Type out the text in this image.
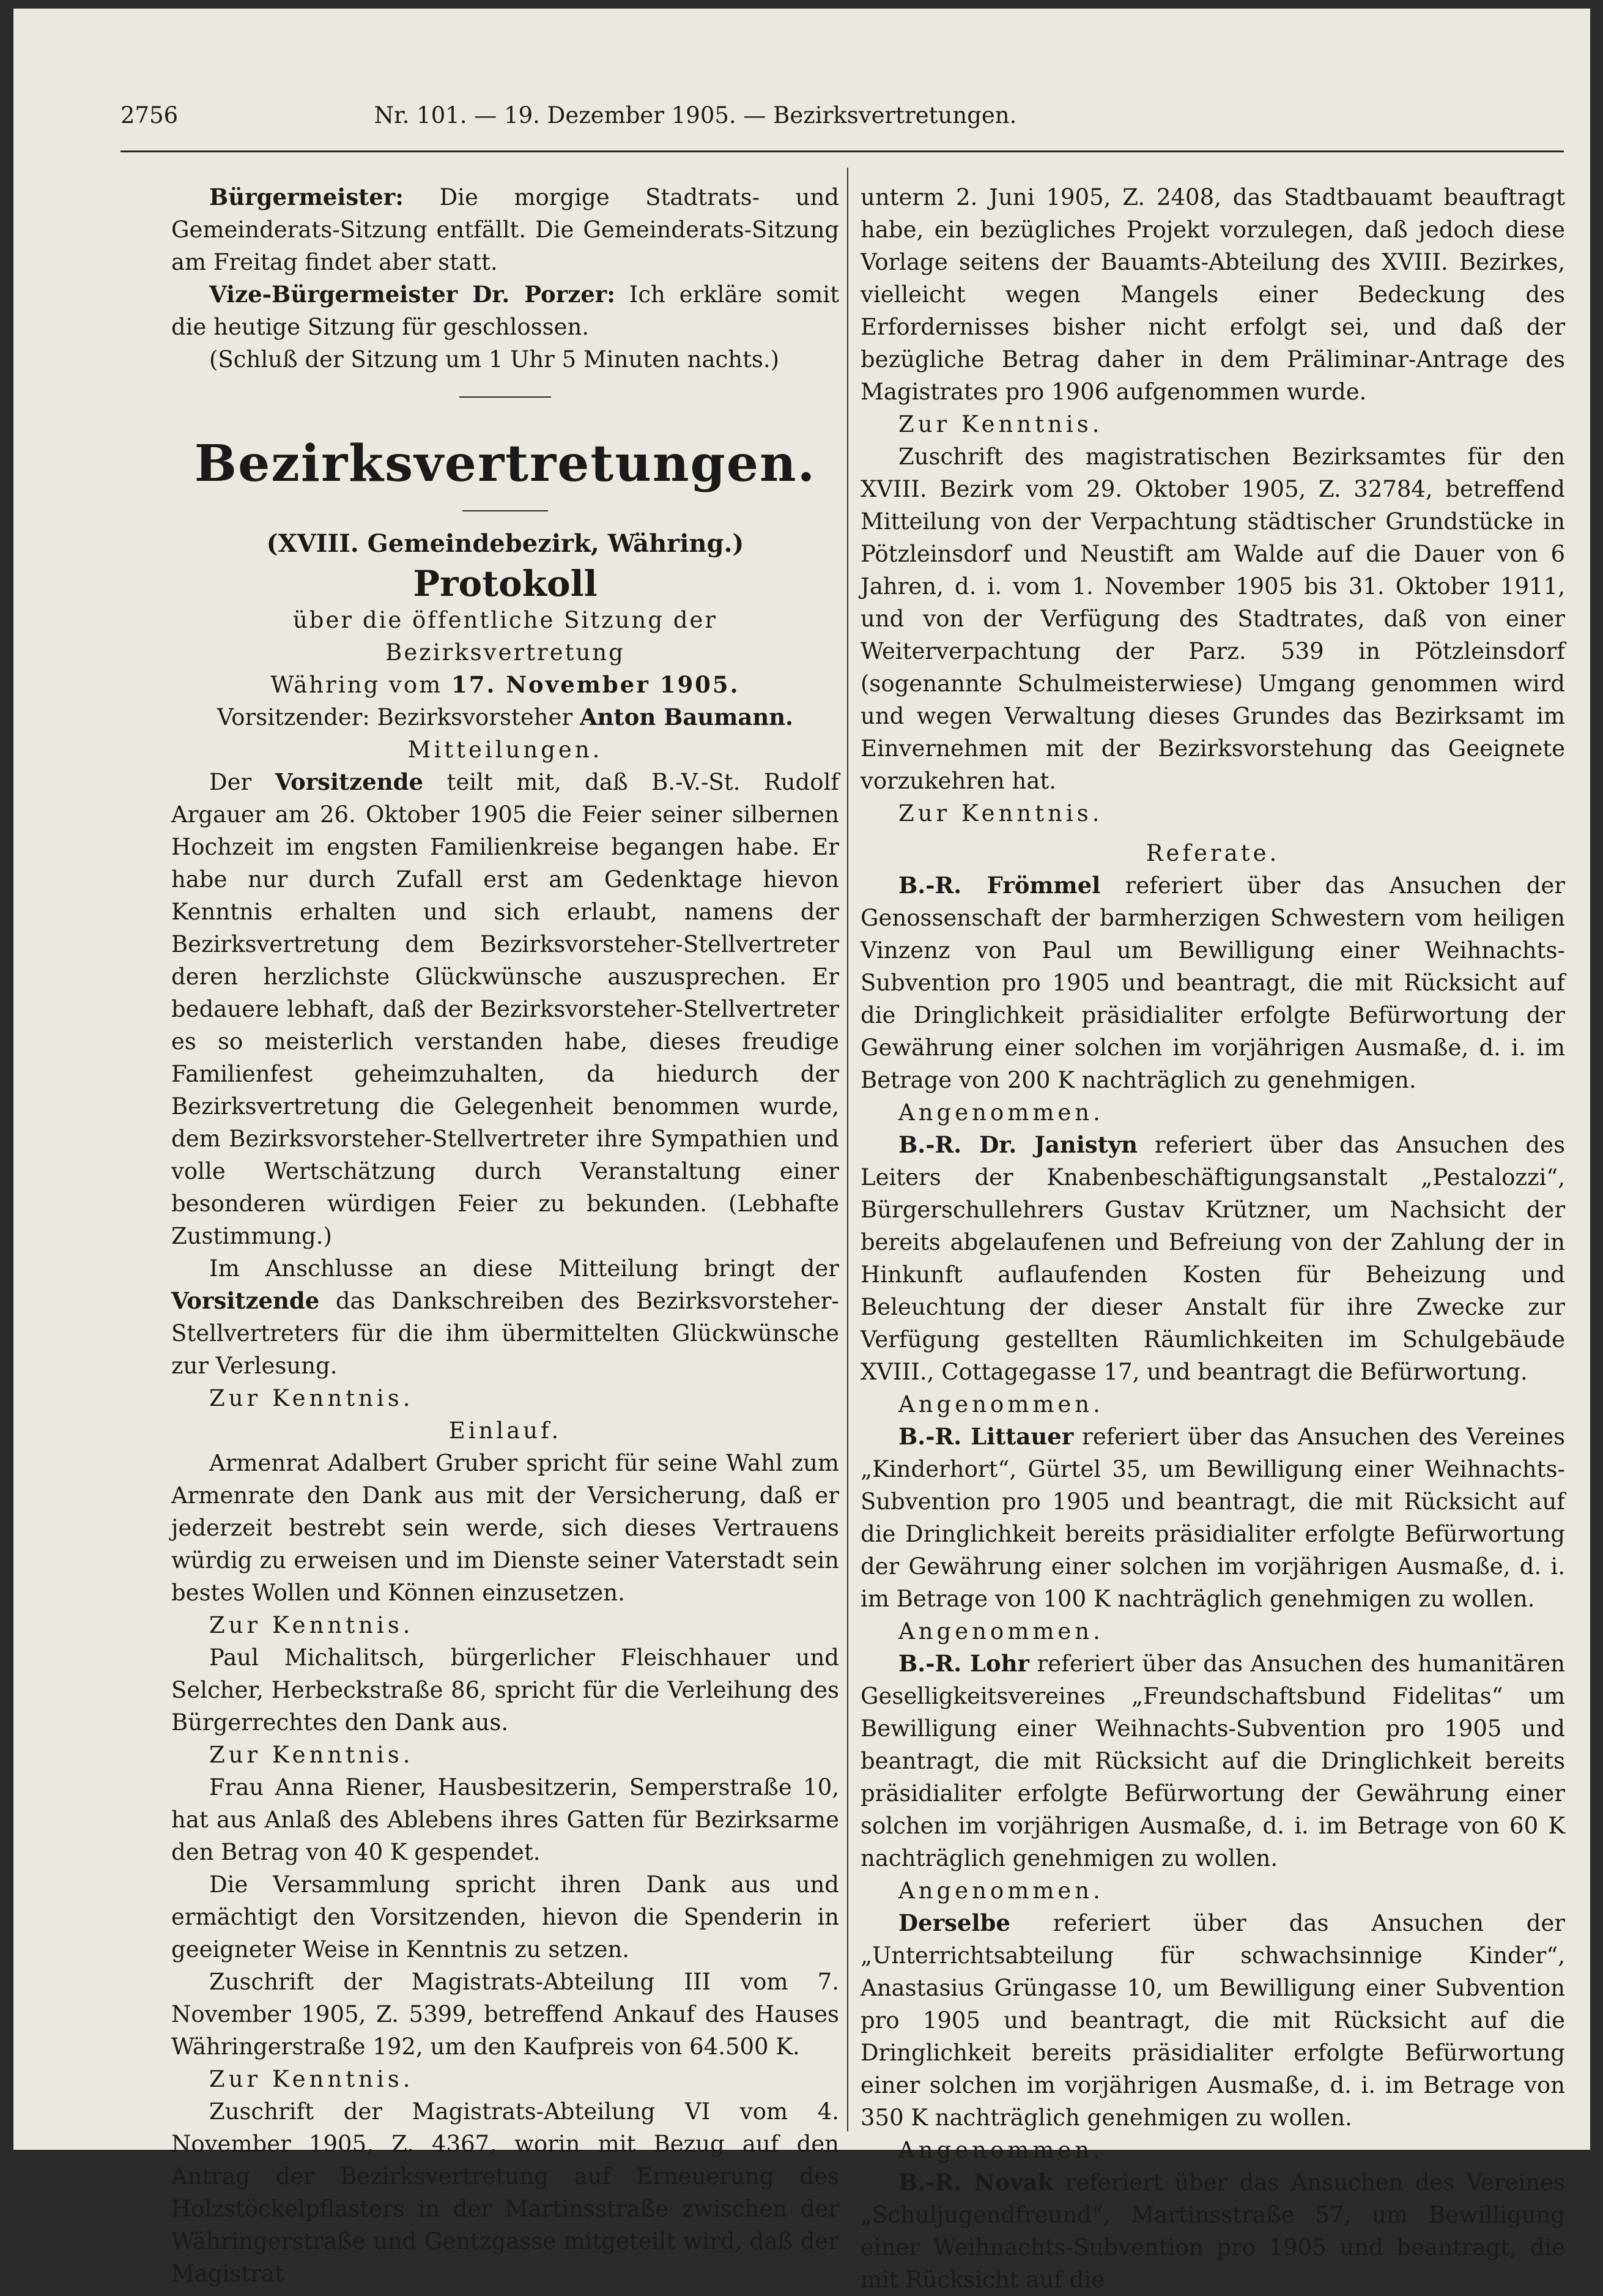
2756	Nr. 101. — 19. Dezember 1905. — Bezirksvertretungen.

Bürgermeister: Die morgige Stadtrats- und Gemeinderats-Sitzung entfällt. Die Gemeinderats-Sitzung am Freitag findet aber statt.

Vize-Bürgermeister Dr. Porzer: Ich erkläre somit die heutige Sitzung für geschlossen.

(Schluß der Sitzung um 1 Uhr 5 Minuten nachts.)

Bezirksvertretungen.

(XVIII. Gemeindebezirk, Währing.)

Protokoll

über die öffentliche Sitzung der Bezirksvertretung

Währing vom 17. November 1905.

Vorsitzender: Bezirksvorsteher Anton Baumann.

Mitteilungen.

Der Vorsitzende teilt mit, daß B.-V.-St. Rudolf Argauer am 26. Oktober 1905 die Feier seiner silbernen Hochzeit im engsten Familienkreise begangen habe. Er habe nur durch Zufall erst am Gedenktage hievon Kenntnis erhalten und sich erlaubt, namens der Bezirksvertretung dem Bezirksvorsteher-Stellvertreter deren herzlichste Glückwünsche auszusprechen. Er bedauere lebhaft, daß der Bezirksvorsteher-Stellvertreter es so meisterlich verstanden habe, dieses freudige Familienfest geheimzuhalten, da hiedurch der Bezirksvertretung die Gelegenheit benommen wurde, dem Bezirksvorsteher-Stellvertreter ihre Sympathien und volle Wertschätzung durch Veranstaltung einer besonderen würdigen Feier zu bekunden. (Lebhafte Zustimmung.)

Im Anschlusse an diese Mitteilung bringt der Vorsitzende das Dankschreiben des Bezirksvorsteher-Stellvertreters für die ihm übermittelten Glückwünsche zur Verlesung.

Zur Kenntnis.

Einlauf.

Armenrat Adalbert Gruber spricht für seine Wahl zum Armenrate den Dank aus mit der Versicherung, daß er jederzeit bestrebt sein werde, sich dieses Vertrauens würdig zu erweisen und im Dienste seiner Vaterstadt sein bestes Wollen und Können einzusetzen.

Zur Kenntnis.

Paul Michalitsch, bürgerlicher Fleischhauer und Selcher, Herbeckstraße 86, spricht für die Verleihung des Bürgerrechtes den Dank aus.

Zur Kenntnis.

Frau Anna Riener, Hausbesitzerin, Semperstraße 10, hat aus Anlaß des Ablebens ihres Gatten für Bezirksarme den Betrag von 40 K gespendet.

Die Versammlung spricht ihren Dank aus und ermächtigt den Vorsitzenden, hievon die Spenderin in geeigneter Weise in Kenntnis zu setzen.

Zuschrift der Magistrats-Abteilung III vom 7. November 1905, Z. 5399, betreffend Ankauf des Hauses Währingerstraße 192, um den Kaufpreis von 64.500 K.

Zur Kenntnis.

Zuschrift der Magistrats-Abteilung VI vom 4. November 1905, Z. 4367, worin mit Bezug auf den Antrag der Bezirksvertretung auf Erneuerung des Holzstöckelpflasters in der Martinsstraße zwischen der Währingerstraße und Gentzgasse mitgeteilt wird, daß der Magistrat

unterm 2. Juni 1905, Z. 2408, das Stadtbauamt beauftragt habe, ein bezügliches Projekt vorzulegen, daß jedoch diese Vorlage seitens der Bauamts-Abteilung des XVIII. Bezirkes, vielleicht wegen Mangels einer Bedeckung des Erfordernisses bisher nicht erfolgt sei, und daß der bezügliche Betrag daher in dem Präliminar-Antrage des Magistrates pro 1906 aufgenommen wurde.

Zur Kenntnis.

Zuschrift des magistratischen Bezirksamtes für den XVIII. Bezirk vom 29. Oktober 1905, Z. 32784, betreffend Mitteilung von der Verpachtung städtischer Grundstücke in Pötzleinsdorf und Neustift am Walde auf die Dauer von 6 Jahren, d. i. vom 1. November 1905 bis 31. Oktober 1911, und von der Verfügung des Stadtrates, daß von einer Weiterverpachtung der Parz. 539 in Pötzleinsdorf (sogenannte Schulmeisterwiese) Umgang genommen wird und wegen Verwaltung dieses Grundes das Bezirksamt im Einvernehmen mit der Bezirksvorstehung das Geeignete vorzukehren hat.

Zur Kenntnis.

Referate.

B.-R. Frömmel referiert über das Ansuchen der Genossenschaft der barmherzigen Schwestern vom heiligen Vinzenz von Paul um Bewilligung einer Weihnachts-Subvention pro 1905 und beantragt, die mit Rücksicht auf die Dringlichkeit präsidialiter erfolgte Befürwortung der Gewährung einer solchen im vorjährigen Ausmaße, d. i. im Betrage von 200 K nachträglich zu genehmigen.

Angenommen.

B.-R. Dr. Janistyn referiert über das Ansuchen des Leiters der Knabenbeschäftigungsanstalt „Pestalozzi“, Bürgerschullehrers Gustav Krützner, um Nachsicht der bereits abgelaufenen und Befreiung von der Zahlung der in Hinkunft auflaufenden Kosten für Beheizung und Beleuchtung der dieser Anstalt für ihre Zwecke zur Verfügung gestellten Räumlichkeiten im Schulgebäude XVIII., Cottagegasse 17, und beantragt die Befürwortung.

Angenommen.

B.-R. Littauer referiert über das Ansuchen des Vereines „Kinderhort“, Gürtel 35, um Bewilligung einer Weihnachts-Subvention pro 1905 und beantragt, die mit Rücksicht auf die Dringlichkeit bereits präsidialiter erfolgte Befürwortung der Gewährung einer solchen im vorjährigen Ausmaße, d. i. im Betrage von 100 K nachträglich genehmigen zu wollen.

Angenommen.

B.-R. Lohr referiert über das Ansuchen des humanitären Geselligkeitsvereines „Freundschaftsbund Fidelitas“ um Bewilligung einer Weihnachts-Subvention pro 1905 und beantragt, die mit Rücksicht auf die Dringlichkeit bereits präsidialiter erfolgte Befürwortung der Gewährung einer solchen im vorjährigen Ausmaße, d. i. im Betrage von 60 K nachträglich genehmigen zu wollen.

Angenommen.

Derselbe referiert über das Ansuchen der „Unterrichtsabteilung für schwachsinnige Kinder“, Anastasius Grüngasse 10, um Bewilligung einer Subvention pro 1905 und beantragt, die mit Rücksicht auf die Dringlichkeit bereits präsidialiter erfolgte Befürwortung einer solchen im vorjährigen Ausmaße, d. i. im Betrage von 350 K nachträglich genehmigen zu wollen.

Angenommen.

B.-R. Novak referiert über das Ansuchen des Vereines „Schuljugendfreund“, Martinsstraße 57, um Bewilligung einer Weihnachts-Subvention pro 1905 und beantragt, die mit Rücksicht auf die
